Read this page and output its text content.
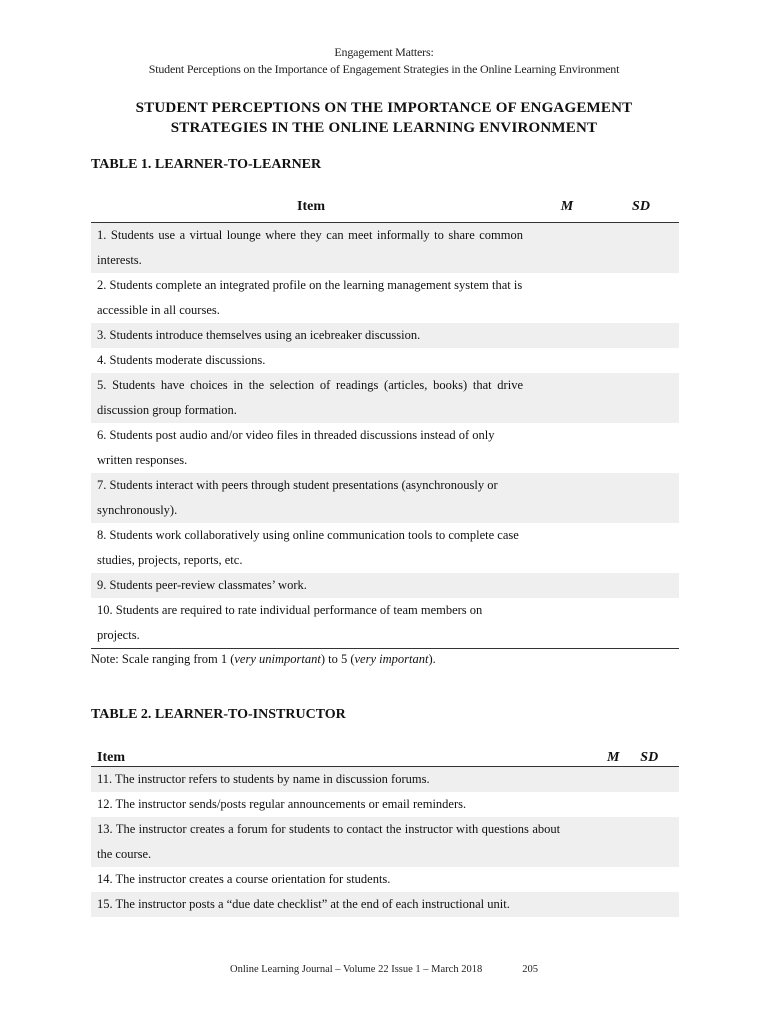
Engagement Matters:
Student Perceptions on the Importance of Engagement Strategies in the Online Learning Environment
STUDENT PERCEPTIONS ON THE IMPORTANCE OF ENGAGEMENT
STRATEGIES IN THE ONLINE LEARNING ENVIRONMENT
TABLE 1. LEARNER-TO-LEARNER
Item	M	SD
1. Students use a virtual lounge where they can meet informally to share common interests.		
2. Students complete an integrated profile on the learning management system that is accessible in all courses.		
3. Students introduce themselves using an icebreaker discussion.		
4. Students moderate discussions.		
5. Students have choices in the selection of readings (articles, books) that drive discussion group formation.		
6. Students post audio and/or video files in threaded discussions instead of only written responses.		
7. Students interact with peers through student presentations (asynchronously or synchronously).		
8. Students work collaboratively using online communication tools to complete case studies, projects, reports, etc.		
9. Students peer-review classmates’ work.		
10. Students are required to rate individual performance of team members on projects.		
Note: Scale ranging from 1 (very unimportant) to 5 (very important).
TABLE 2. LEARNER-TO-INSTRUCTOR
Item	M	SD
11. The instructor refers to students by name in discussion forums.		
12. The instructor sends/posts regular announcements or email reminders.		
13. The instructor creates a forum for students to contact the instructor with questions about the course.		
14. The instructor creates a course orientation for students.		
15. The instructor posts a “due date checklist” at the end of each instructional unit.		
Online Learning Journal – Volume 22 Issue 1 – March 2018	205
